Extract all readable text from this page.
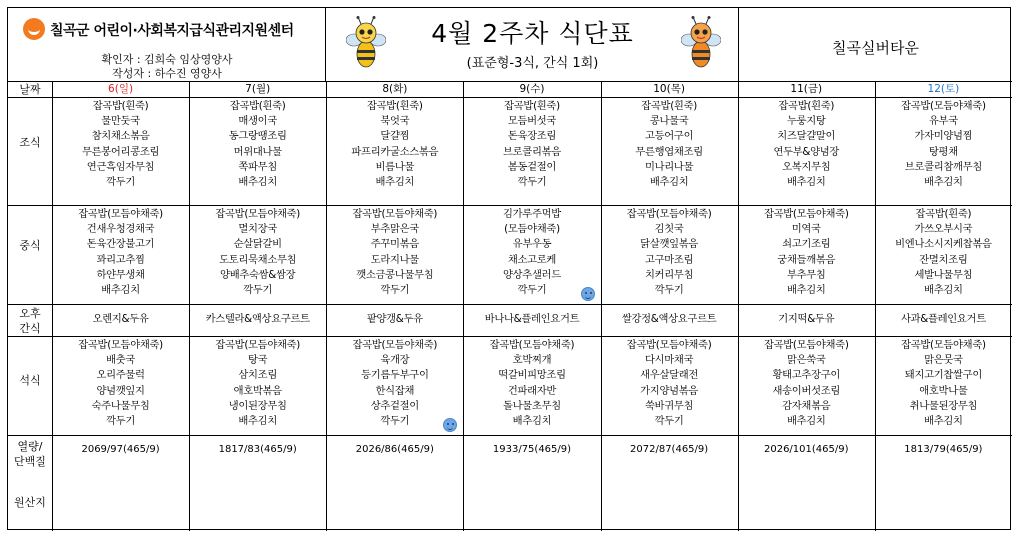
칠곡군 어린이·사회복지급식관리지원센터
확인자 : 김희숙 임상영양사
작성자 : 하수진 영양사
4월 2주차 식단표
(표준형-3식, 간식 1회)
칠곡실버타운
날짜
조식
중식
오후
간식
석식
열량/
단백질
원산지
6(일)
잡곡밥(흰죽)
물만둣국
참치채소볶음
무른봉어리콩조림
연근흑임자무침
깍두기
잡곡밥(모듬야채죽)
건새우청경채국
돈육간장불고기
꽈리고추찜
하얀무생채
배추김치
잡곡밥(모듬야채죽)
배춧국
오리주물럭
양념깻잎지
숙주나물무침
깍두기
오렌지&두유
2069/97(465/9)
7(월)
잡곡밥(흰죽)
매생이국
동그랑땡조림
머위대나물
쪽파무침
배추김치
잡곡밥(모듬야채죽)
멸치장국
순살닭갈비
도토리묵채소무침
양배추숙쌈&쌈장
깍두기
잡곡밥(모듬야채죽)
탕국
삼치조림
애호박볶음
냉이된장무침
배추김치
카스텔라&액상요구르트
1817/83(465/9)
8(화)
잡곡밥(흰죽)
북엇국
달걀찜
파프리카굴소스볶음
비름나물
배추김치
잡곡밥(모듬야채죽)
부추맑은국
주꾸미볶음
도라지나물
깻소금콩나물무침
깍두기
잡곡밥(모듬야채죽)
육개장
등기름두부구이
한식잡채
상추겉절이
깍두기
팥양갱&두유
2026/86(465/9)
9(수)
잡곡밥(흰죽)
모듬버섯국
돈육장조림
브로콜리볶음
봄동겉절이
깍두기
김가루주먹밥
(모듬야채죽)
유부우동
채소고로케
양상추샐러드
깍두기
잡곡밥(모듬야채죽)
호박찌개
떡갈비피망조림
건파래자반
돌나물초무침
배추김치
바나나&플레인요거트
1933/75(465/9)
10(목)
잡곡밥(흰죽)
콩나물국
고등어구이
무른행엽채조림
미나리나물
배추김치
잡곡밥(모듬야채죽)
김칫국
닭살깻잎볶음
고구마조림
치커리무침
깍두기
잡곡밥(모듬야채죽)
다시마채국
새우살달래전
가지양념볶음
쑥바귀무침
깍두기
쌀강정&액상요구르트
2072/87(465/9)
11(금)
잡곡밥(흰죽)
누룽지탕
치즈달걀말이
연두부&양념장
오복지무침
배추김치
잡곡밥(모듬야채죽)
미역국
쇠고기조림
궁채들깨볶음
부추무침
배추김치
잡곡밥(모듬야채죽)
맑은쑥국
황태고추장구이
새송이버섯조림
감자채볶음
배추김치
기지떡&두유
2026/101(465/9)
12(토)
잡곡밥(모듬야채죽)
유부국
가자미양념찜
탕평채
브로콜리참깨무침
배추김치
잡곡밥(흰죽)
가쓰오부시국
비엔나소시지케찹볶음
잔멸치조림
세발나물무침
배추김치
잡곡밥(모듬야채죽)
맑은뭇국
돼지고기찹쌀구이
애호박나물
취나물된장무침
배추김치
사과&플레인요거트
1813/79(465/9)
